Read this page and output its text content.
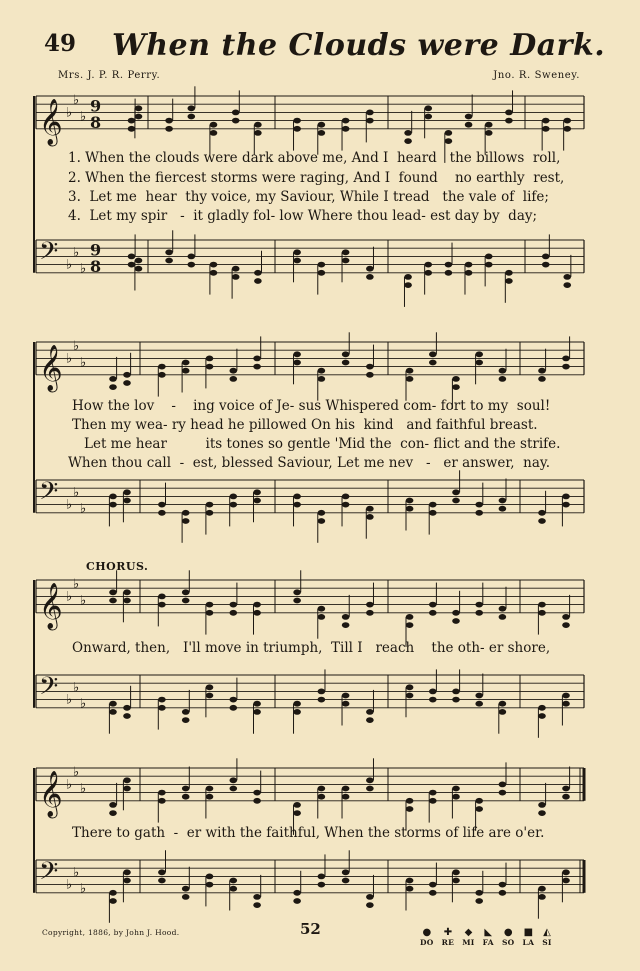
49 When the Clouds were Dark.
Mrs. J. P. R. Perry.	Jno. R. Sweney.
𝄞 ♭
♭
♭
9
8
𝄢 ♭
♭
♭
9
8
𝄞 ♭
♭
♭
𝄢 ♭
♭
♭
𝄞 ♭
♭
♭
𝄢 ♭
♭
♭
𝄞 ♭
♭
♭
𝄢 ♭
♭
♭
1. When the clouds were dark above me, And I  heard   the billows  roll,
2. When the fiercest storms were raging, And I  found    no earthly  rest,
3.  Let me  hear  thy voice, my Saviour, While I tread   the vale of  life;
4.  Let my spir   -  it gladly fol- low Where thou lead- est day by  day;
How the lov    -    ing voice of Je- sus Whispered com- fort to my  soul!
Then my wea- ry head he pillowed On his  kind   and faithful breast.
Let me hear         its tones so gentle 'Mid the  con- flict and the strife.
When thou call  -  est, blessed Saviour, Let me nev   -   er answer,  nay.
CHORUS.
Onward, then,   I'll move in triumph,  Till I   reach    the oth- er shore,
There to gath  -  er with the faithful, When the storms of life are o'er.
Copyright, 1886, by John J. Hood.	52	●
DO
✚
RE
◆
MI
◣
FA
●
SO
■
LA
◭
SI
